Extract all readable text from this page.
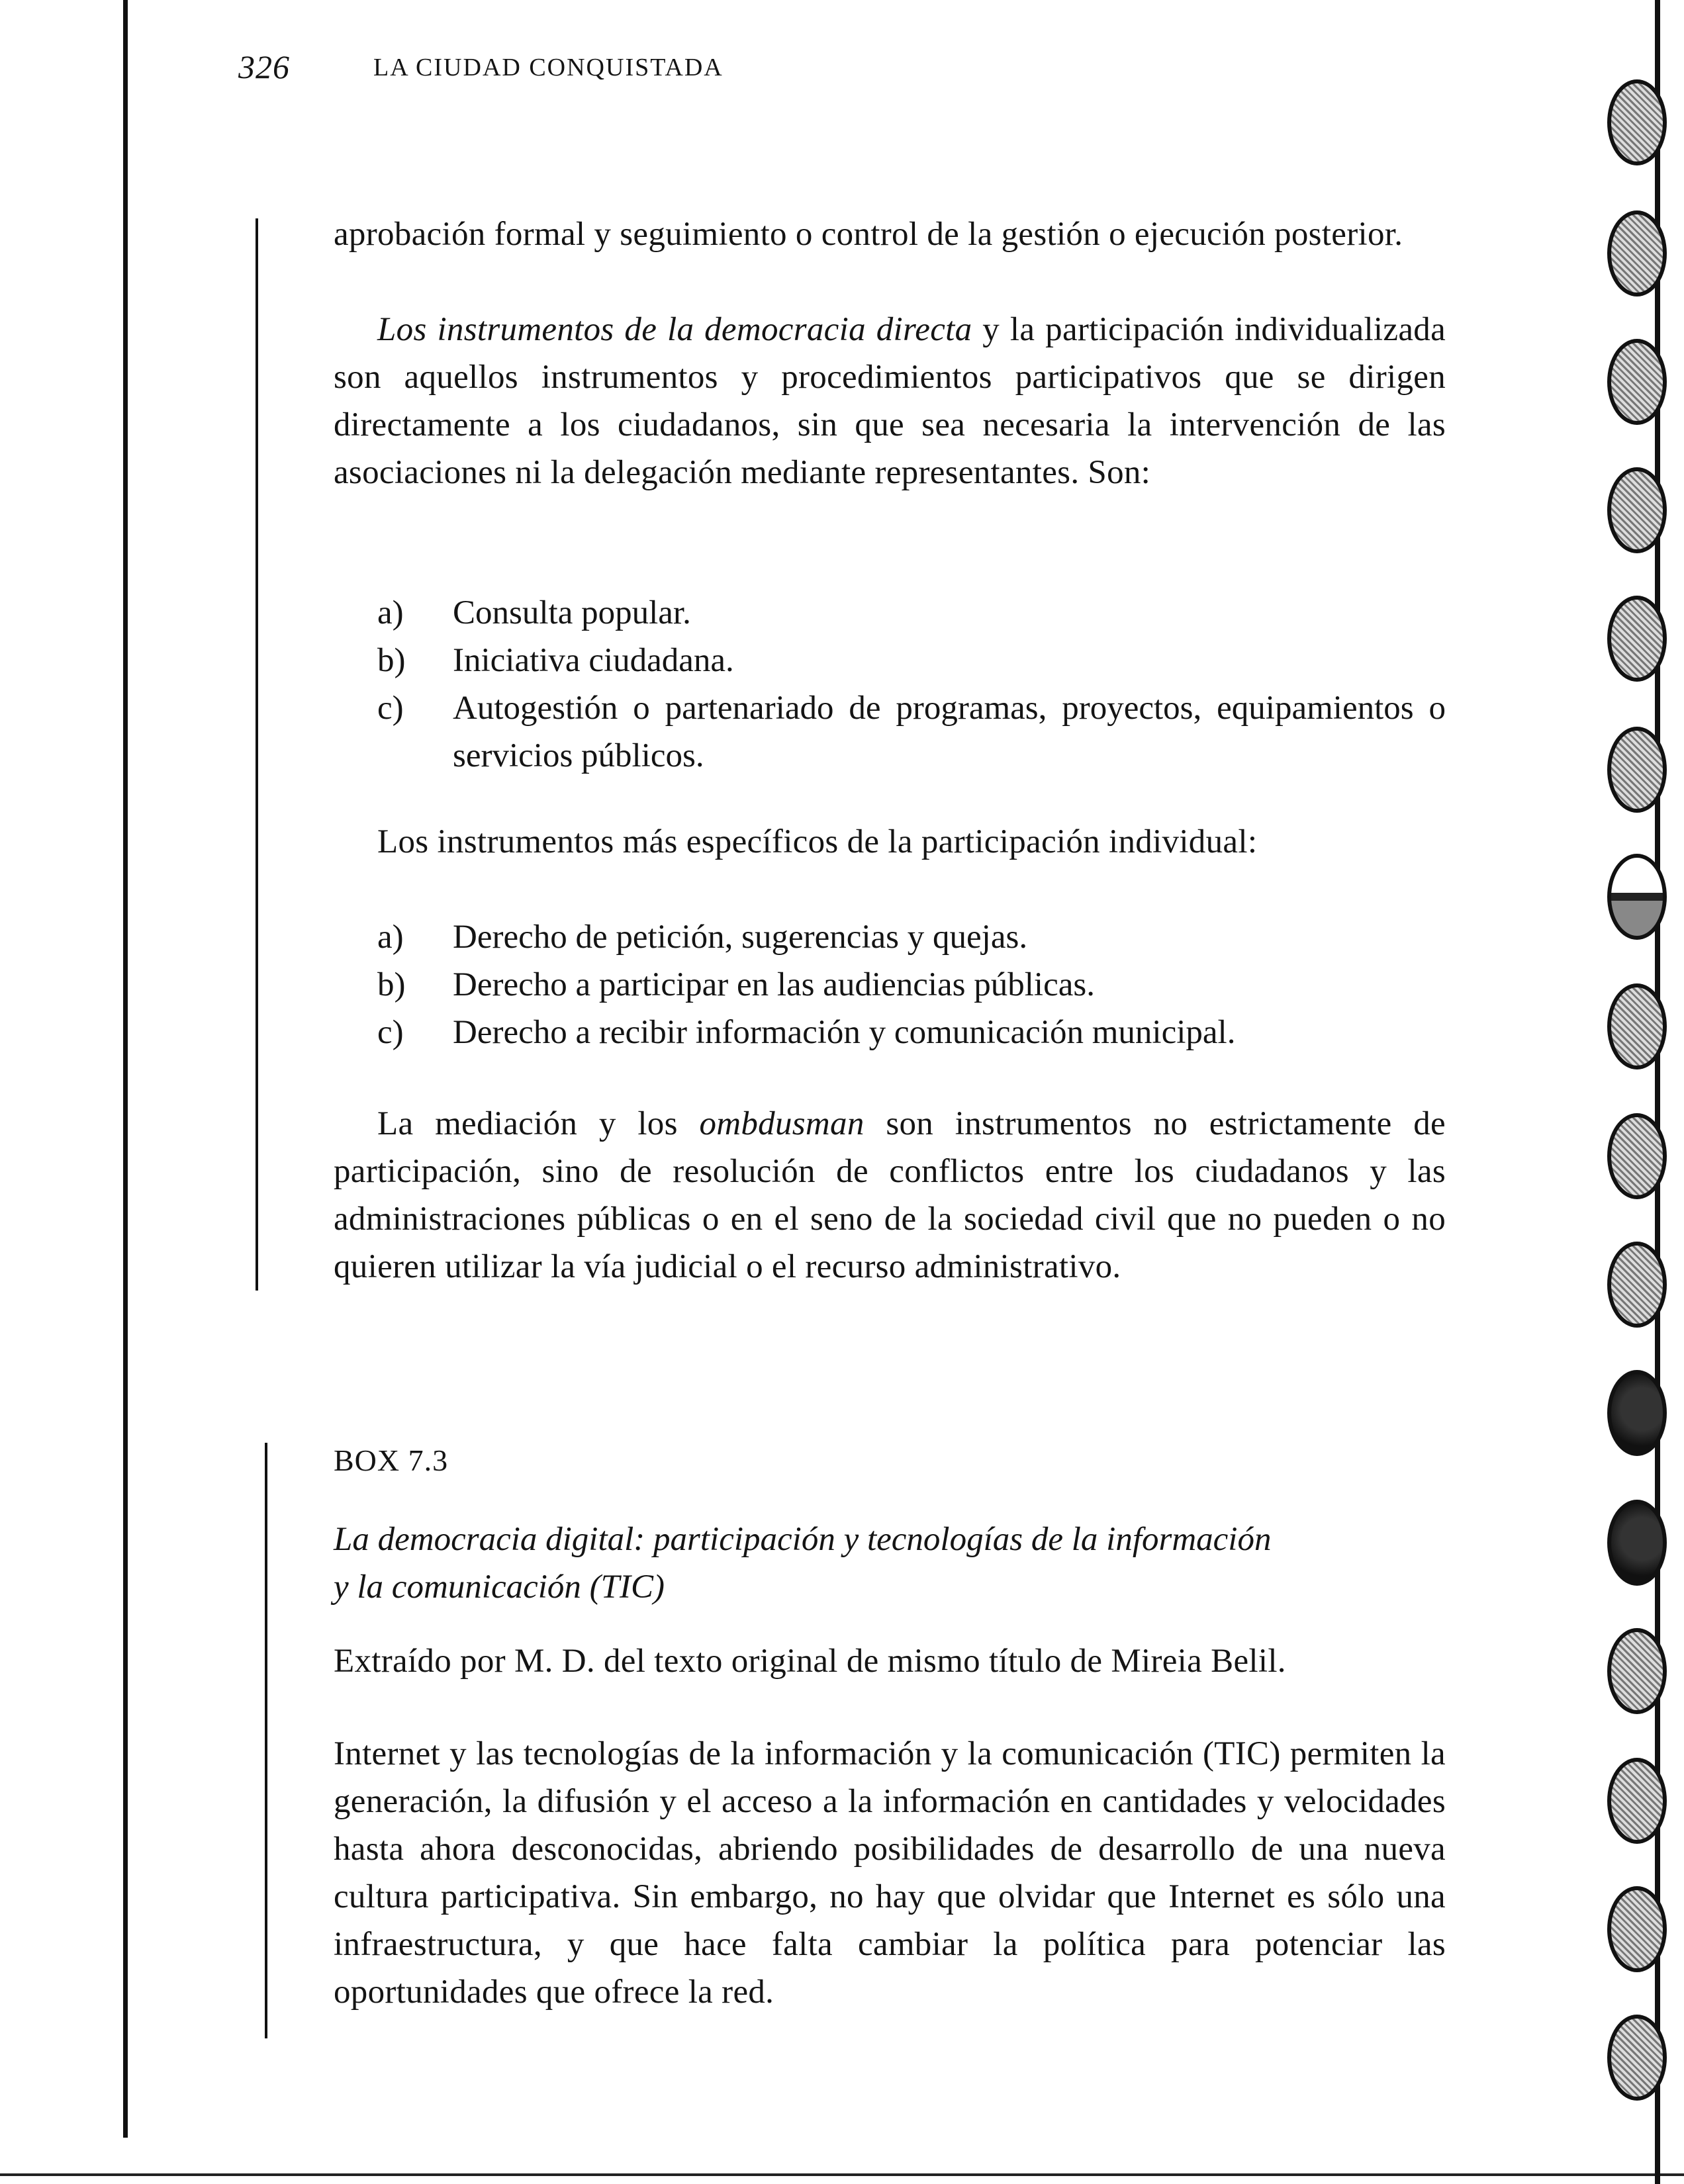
326	LA CIUDAD CONQUISTADA

aprobación formal y seguimiento o control de la gestión o ejecución posterior.

Los instrumentos de la democracia directa y la participación individualizada son aquellos instrumentos y procedimientos participativos que se dirigen directamente a los ciudadanos, sin que sea necesaria la intervención de las asociaciones ni la delegación mediante representantes. Son:

a) Consulta popular.
b) Iniciativa ciudadana.
c) Autogestión o partenariado de programas, proyectos, equipamientos o servicios públicos.

Los instrumentos más específicos de la participación individual:

a) Derecho de petición, sugerencias y quejas.
b) Derecho a participar en las audiencias públicas.
c) Derecho a recibir información y comunicación municipal.

La mediación y los ombdusman son instrumentos no estrictamente de participación, sino de resolución de conflictos entre los ciudadanos y las administraciones públicas o en el seno de la sociedad civil que no pueden o no quieren utilizar la vía judicial o el recurso administrativo.

BOX 7.3

La democracia digital: participación y tecnologías de la información
y la comunicación (TIC)

Extraído por M. D. del texto original de mismo título de Mireia Belil.

Internet y las tecnologías de la información y la comunicación (TIC) permiten la generación, la difusión y el acceso a la información en cantidades y velocidades hasta ahora desconocidas, abriendo posibilidades de desarrollo de una nueva cultura participativa. Sin embargo, no hay que olvidar que Internet es sólo una infraestructura, y que hace falta cambiar la política para potenciar las oportunidades que ofrece la red.
